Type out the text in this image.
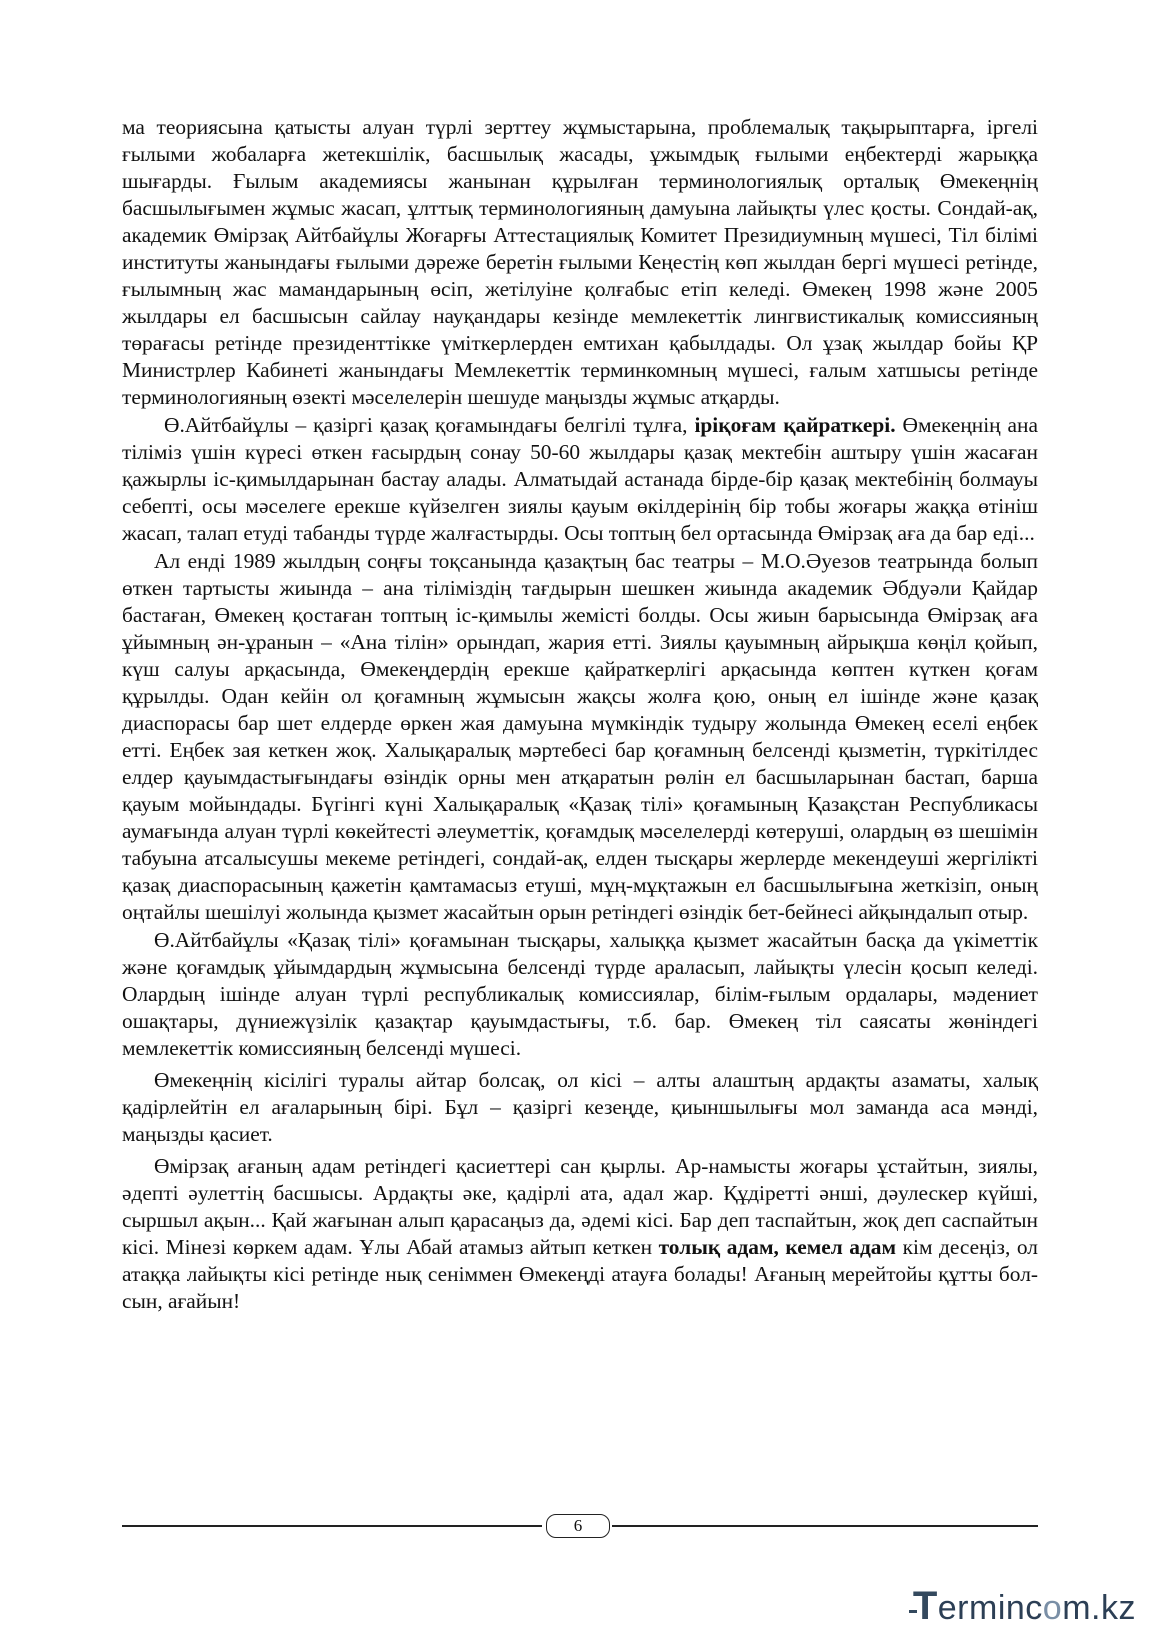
ма теориясына қатысты алуан түрлі зерттеу жұмыстарына, проблемалық тақырыптарға, іргелі ғылыми жобаларға жетекшілік, басшылық жасады, ұжымдық ғылыми еңбектерді жарыққа шығарды. Ғылым академиясы жанынан құрылған терминологиялық орталық Өмекеңнің басшылығымен жұмыс жасап, ұлттық терминологияның дамуына лайықты үлес қосты. Сондай-ақ, академик Өмірзақ Айтбайұлы Жоғарғы Аттестациялық Комитет Президиумның мүшесі, Тіл білімі институты жанындағы ғылыми дәреже беретін ғылыми Кеңестің көп жылдан бергі мүшесі ретінде, ғылымның жас мамандарының өсіп, жетілуіне қолғабыс етіп келеді. Өмекең 1998 және 2005 жылдары ел басшысын сайлау науқандары кезінде мемлекеттік лингвистикалық комиссияның төрағасы ретінде президенттікке үміткерлерден емтихан қабылдады. Ол ұзақ жылдар бойы ҚР Министрлер Кабинеті жанындағы Мемлекеттік терминкомның мүшесі, ғалым хатшысы ретінде терминологияның өзекті мәселелерін шешуде маңызды жұмыс атқарды.

Ө.Айтбайұлы – қазіргі қазақ қоғамындағы белгілі тұлға, іріқоғам қайраткері. Өмекеңнің ана тіліміз үшін күресі өткен ғасырдың сонау 50-60 жылдары қазақ мектебін аштыру үшін жасаған қажырлы іс-қимылдарынан бастау алады. Алматыдай астанада бірде-бір қазақ мектебінің болмауы себепті, осы мәселеге ерекше күйзелген зиялы қауым өкілдерінің бір тобы жоғары жаққа өтініш жасап, талап етуді табанды түрде жалғастырды. Осы топтың бел ортасында Өмірзақ аға да бар еді...

Ал енді 1989 жылдың соңғы тоқсанында қазақтың бас театры – М.О.Әуезов театрында болып өткен тартысты жиында – ана тіліміздің тағдырын шешкен жиында академик Әбдуәли Қайдар бастаған, Өмекең қостаған топтың іс-қимылы жемісті болды. Осы жиын барысында Өмірзақ аға ұйымның ән-ұранын – «Ана тілін» орындап, жария етті. Зиялы қауымның айрықша көңіл қойып, күш салуы арқасында, Өмекеңдердің ерекше қайраткерлігі арқасында көптен күткен қоғам құрылды. Одан кейін ол қоғамның жұмысын жақсы жолға қою, оның ел ішінде және қазақ диаспорасы бар шет елдерде өркен жая дамуына мүмкіндік тудыру жолында Өмекең еселі еңбек етті. Еңбек зая кеткен жоқ. Халықаралық мәртебесі бар қоғамның белсенді қызметін, түркітілдес елдер қауымдастығындағы өзіндік орны мен атқаратын рөлін ел басшыларынан бастап, барша қауым мойындады. Бүгінгі күні Халықаралық «Қазақ тілі» қоғамының Қазақстан Республикасы аумағында алуан түрлі көкейтесті әлеуметтік, қоғамдық мәселелерді көтеруші, олардың өз шешімін табуына атсалысушы мекеме ретіндегі, сондай-ақ, елден тысқары жерлерде мекендеуші жергілікті қазақ диаспорасының қажетін қамтамасыз етуші, мұң-мұқтажын ел басшылығына жеткізіп, оның оңтайлы шешілуі жолында қызмет жасайтын орын ретіндегі өзіндік бет-бейнесі айқындалып отыр.

Ө.Айтбайұлы «Қазақ тілі» қоғамынан тысқары, халыққа қызмет жасайтын басқа да үкіметтік және қоғамдық ұйымдардың жұмысына белсенді түрде араласып, лайықты үлесін қосып келеді. Олардың ішінде алуан түрлі республикалық комиссиялар, білім-ғылым ордалары, мәдениет ошақтары, дүниежүзілік қазақтар қауымдастығы, т.б. бар. Өмекең тіл саясаты жөніндегі мемлекеттік комиссияның белсенді мүшесі.

Өмекеңнің кісілігі туралы айтар болсақ, ол кісі – алты алаштың ардақты азаматы, халық қадірлейтін ел ағаларының бірі. Бұл – қазіргі кезеңде, қиыншылығы мол заманда аса мәнді, маңызды қасиет.

Өмірзақ ағаның адам ретіндегі қасиеттері сан қырлы. Ар-намысты жоғары ұстайтын, зиялы, әдепті әулеттің басшысы. Ардақты әке, қадірлі ата, адал жар. Құдіретті әнші, дәулескер күйші, сыршыл ақын... Қай жағынан алып қарасаңыз да, әдемі кісі. Бар деп таспайтын, жоқ деп саспайтын кісі. Мінезі көркем адам. Ұлы Абай атамыз айтып кеткен толық адам, кемел адам кім десеңіз, ол атаққа лайықты кісі ретінде нық сеніммен Өмекеңді атауға болады! Ағаның мерейтойы құтты болсын, ағайын!

6
Termincοm.kz
